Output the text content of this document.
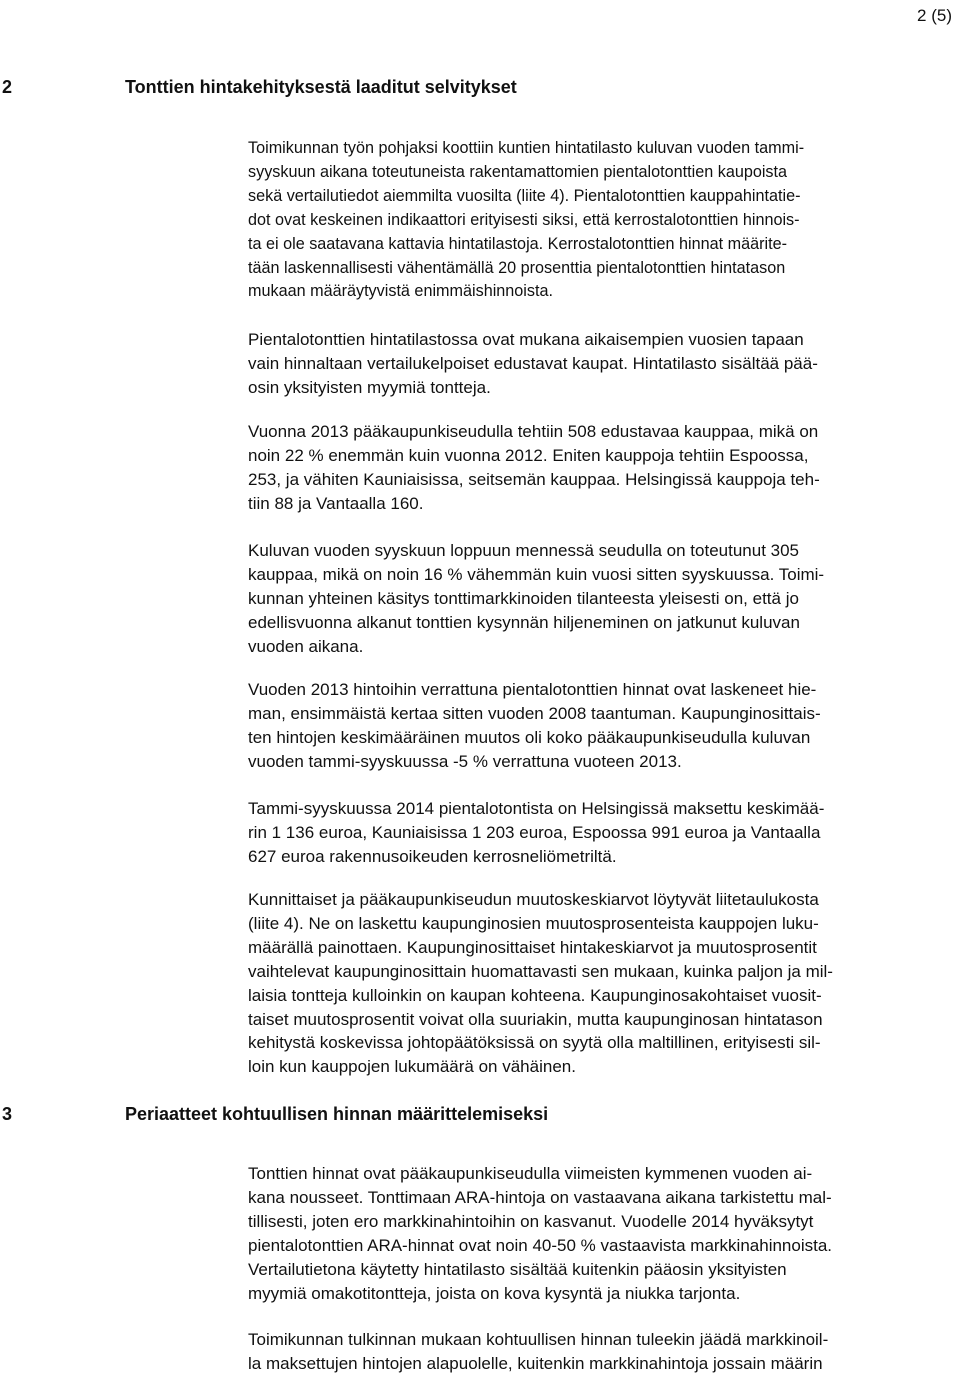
2 (5)
2	Tonttien hintakehityksestä laaditut selvitykset
Toimikunnan työn pohjaksi koottiin kuntien hintatilasto kuluvan vuoden tammi-
syyskuun aikana toteutuneista rakentamattomien pientalotonttien kaupoista
sekä vertailutiedot aiemmilta vuosilta (liite 4). Pientalotonttien kauppahintatie-
dot ovat keskeinen indikaattori erityisesti siksi, että kerrostalotonttien hinnois-
ta ei ole saatavana kattavia hintatilastoja. Kerrostalotonttien hinnat määrite-
tään laskennallisesti vähentämällä 20 prosenttia pientalotonttien hintatason
mukaan määräytyvistä enimmäishinnoista.
Pientalotonttien hintatilastossa ovat mukana aikaisempien vuosien tapaan
vain hinnaltaan vertailukelpoiset edustavat kaupat. Hintatilasto sisältää pää-
osin yksityisten myymiä tontteja.
Vuonna 2013 pääkaupunkiseudulla tehtiin 508 edustavaa kauppaa, mikä on
noin 22 % enemmän kuin vuonna 2012. Eniten kauppoja tehtiin Espoossa,
253, ja vähiten Kauniaisissa, seitsemän kauppaa. Helsingissä kauppoja teh-
tiin 88 ja Vantaalla 160.
Kuluvan vuoden syyskuun loppuun mennessä seudulla on toteutunut 305
kauppaa, mikä on noin 16 % vähemmän kuin vuosi sitten syyskuussa. Toimi-
kunnan yhteinen käsitys tonttimarkkinoiden tilanteesta yleisesti on, että jo
edellisvuonna alkanut tonttien kysynnän hiljeneminen on jatkunut kuluvan
vuoden aikana.
Vuoden 2013 hintoihin verrattuna pientalotonttien hinnat ovat laskeneet hie-
man, ensimmäistä kertaa sitten vuoden 2008 taantuman. Kaupunginosittais-
ten hintojen keskimääräinen muutos oli koko pääkaupunkiseudulla kuluvan
vuoden tammi-syyskuussa -5 % verrattuna vuoteen 2013.
Tammi-syyskuussa 2014 pientalotontista on Helsingissä maksettu keskimää-
rin 1 136 euroa, Kauniaisissa 1 203 euroa, Espoossa 991 euroa ja Vantaalla
627 euroa rakennusoikeuden kerrosneliömetriltä.
Kunnittaiset ja pääkaupunkiseudun muutoskeskiarvot löytyvät liitetaulukosta
(liite 4). Ne on laskettu kaupunginosien muutosprosenteista kauppojen luku-
määrällä painottaen. Kaupunginosittaiset hintakeskiarvot ja muutosprosentit
vaihtelevat kaupunginosittain huomattavasti sen mukaan, kuinka paljon ja mil-
laisia tontteja kulloinkin on kaupan kohteena. Kaupunginosakohtaiset vuosit-
taiset muutosprosentit voivat olla suuriakin, mutta kaupunginosan hintatason
kehitystä koskevissa johtopäätöksissä on syytä olla maltillinen, erityisesti sil-
loin kun kauppojen lukumäärä on vähäinen.
3	Periaatteet kohtuullisen hinnan määrittelemiseksi
Tonttien hinnat ovat pääkaupunkiseudulla viimeisten kymmenen vuoden ai-
kana nousseet. Tonttimaan ARA-hintoja on vastaavana aikana tarkistettu mal-
tillisesti, joten ero markkinahintoihin on kasvanut. Vuodelle 2014 hyväksytyt
pientalotonttien ARA-hinnat ovat noin 40-50 % vastaavista markkinahinnoista.
Vertailutietona käytetty hintatilasto sisältää kuitenkin pääosin yksityisten
myymiä omakotitontteja, joista on kova kysyntä ja niukka tarjonta.
Toimikunnan tulkinnan mukaan kohtuullisen hinnan tuleekin jäädä markkinoil-
la maksettujen hintojen alapuolelle, kuitenkin markkinahintoja jossain määrin
